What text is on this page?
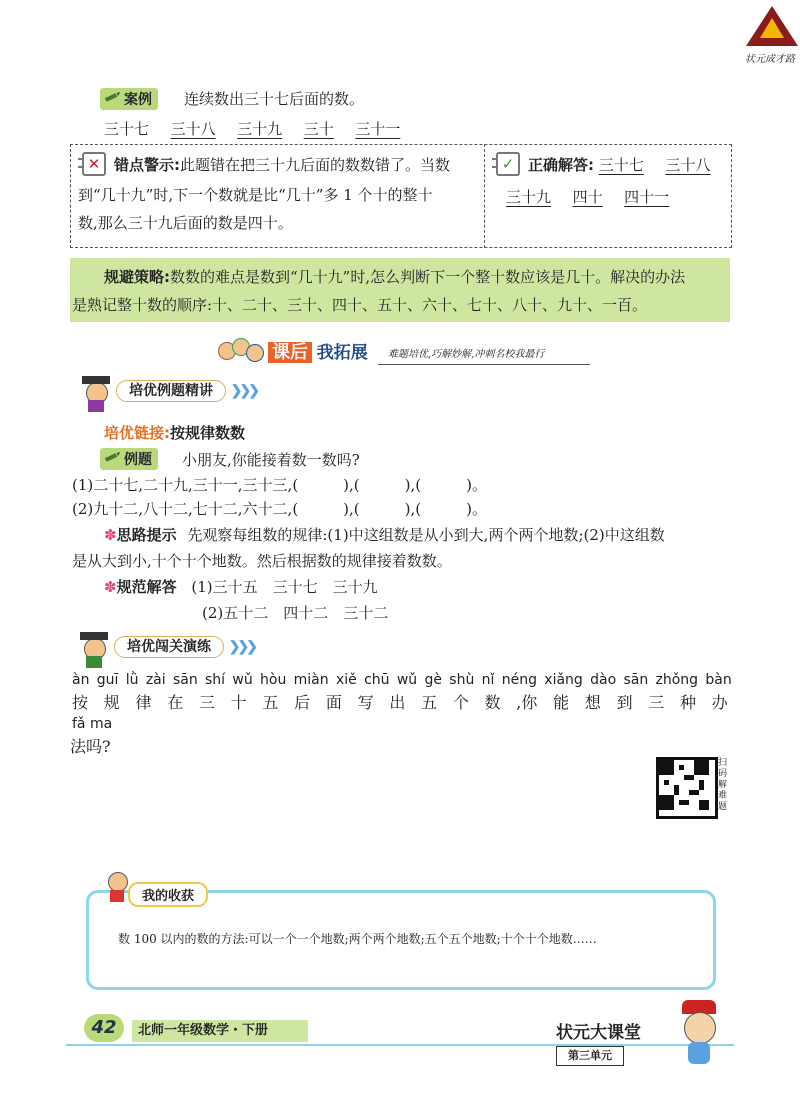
状元成才路
案例	连续数出三十七后面的数。
三十七 三十八 三十九 三十 三十一
✕ 错点警示:此题错在把三十九后面的数数错了。当数
到“几十九”时,下一个数就是比“几十”多 1 个十的整十
数,那么三十九后面的数是四十。
✓ 正确解答: 三十七 三十八
三十九 四十 四十一
规避策略:数数的难点是数到“几十九”时,怎么判断下一个整十数应该是几十。解决的办法
是熟记整十数的顺序:十、二十、三十、四十、五十、六十、七十、八十、九十、一百。
课后 我拓展 难题培优,巧解妙解,冲刺名校我最行
培优例题精讲 ❯❯❯
培优链接:按规律数数
例题	小朋友,你能接着数一数吗?
(1)二十七,二十九,三十一,三十三,(　　　),(　　　),(　　　)。
(2)九十二,八十二,七十二,六十二,(　　　),(　　　),(　　　)。
✽思路提示 先观察每组数的规律:(1)中这组数是从小到大,两个两个地数;(2)中这组数
是从大到小,十个十个地数。然后根据数的规律接着数数。
✽规范解答 (1)三十五　三十七　三十九
(2)五十二　四十二　三十二
培优闯关演练 ❯❯❯
àn guī lǜ zài sān shí wǔ hòu miàn xiě chū wǔ gè shù nǐ néng xiǎng dào sān zhǒng bàn
按 规 律 在 三 十 五 后 面 写 出 五 个 数 ,你 能 想 到 三 种 办
fǎ ma
法吗?
扫码解难题
我的收获
数 100 以内的数的方法:可以一个一个地数;两个两个地数;五个五个地数;十个十个地数……
42	北师一年级数学・下册	状元大课堂
第三单元
